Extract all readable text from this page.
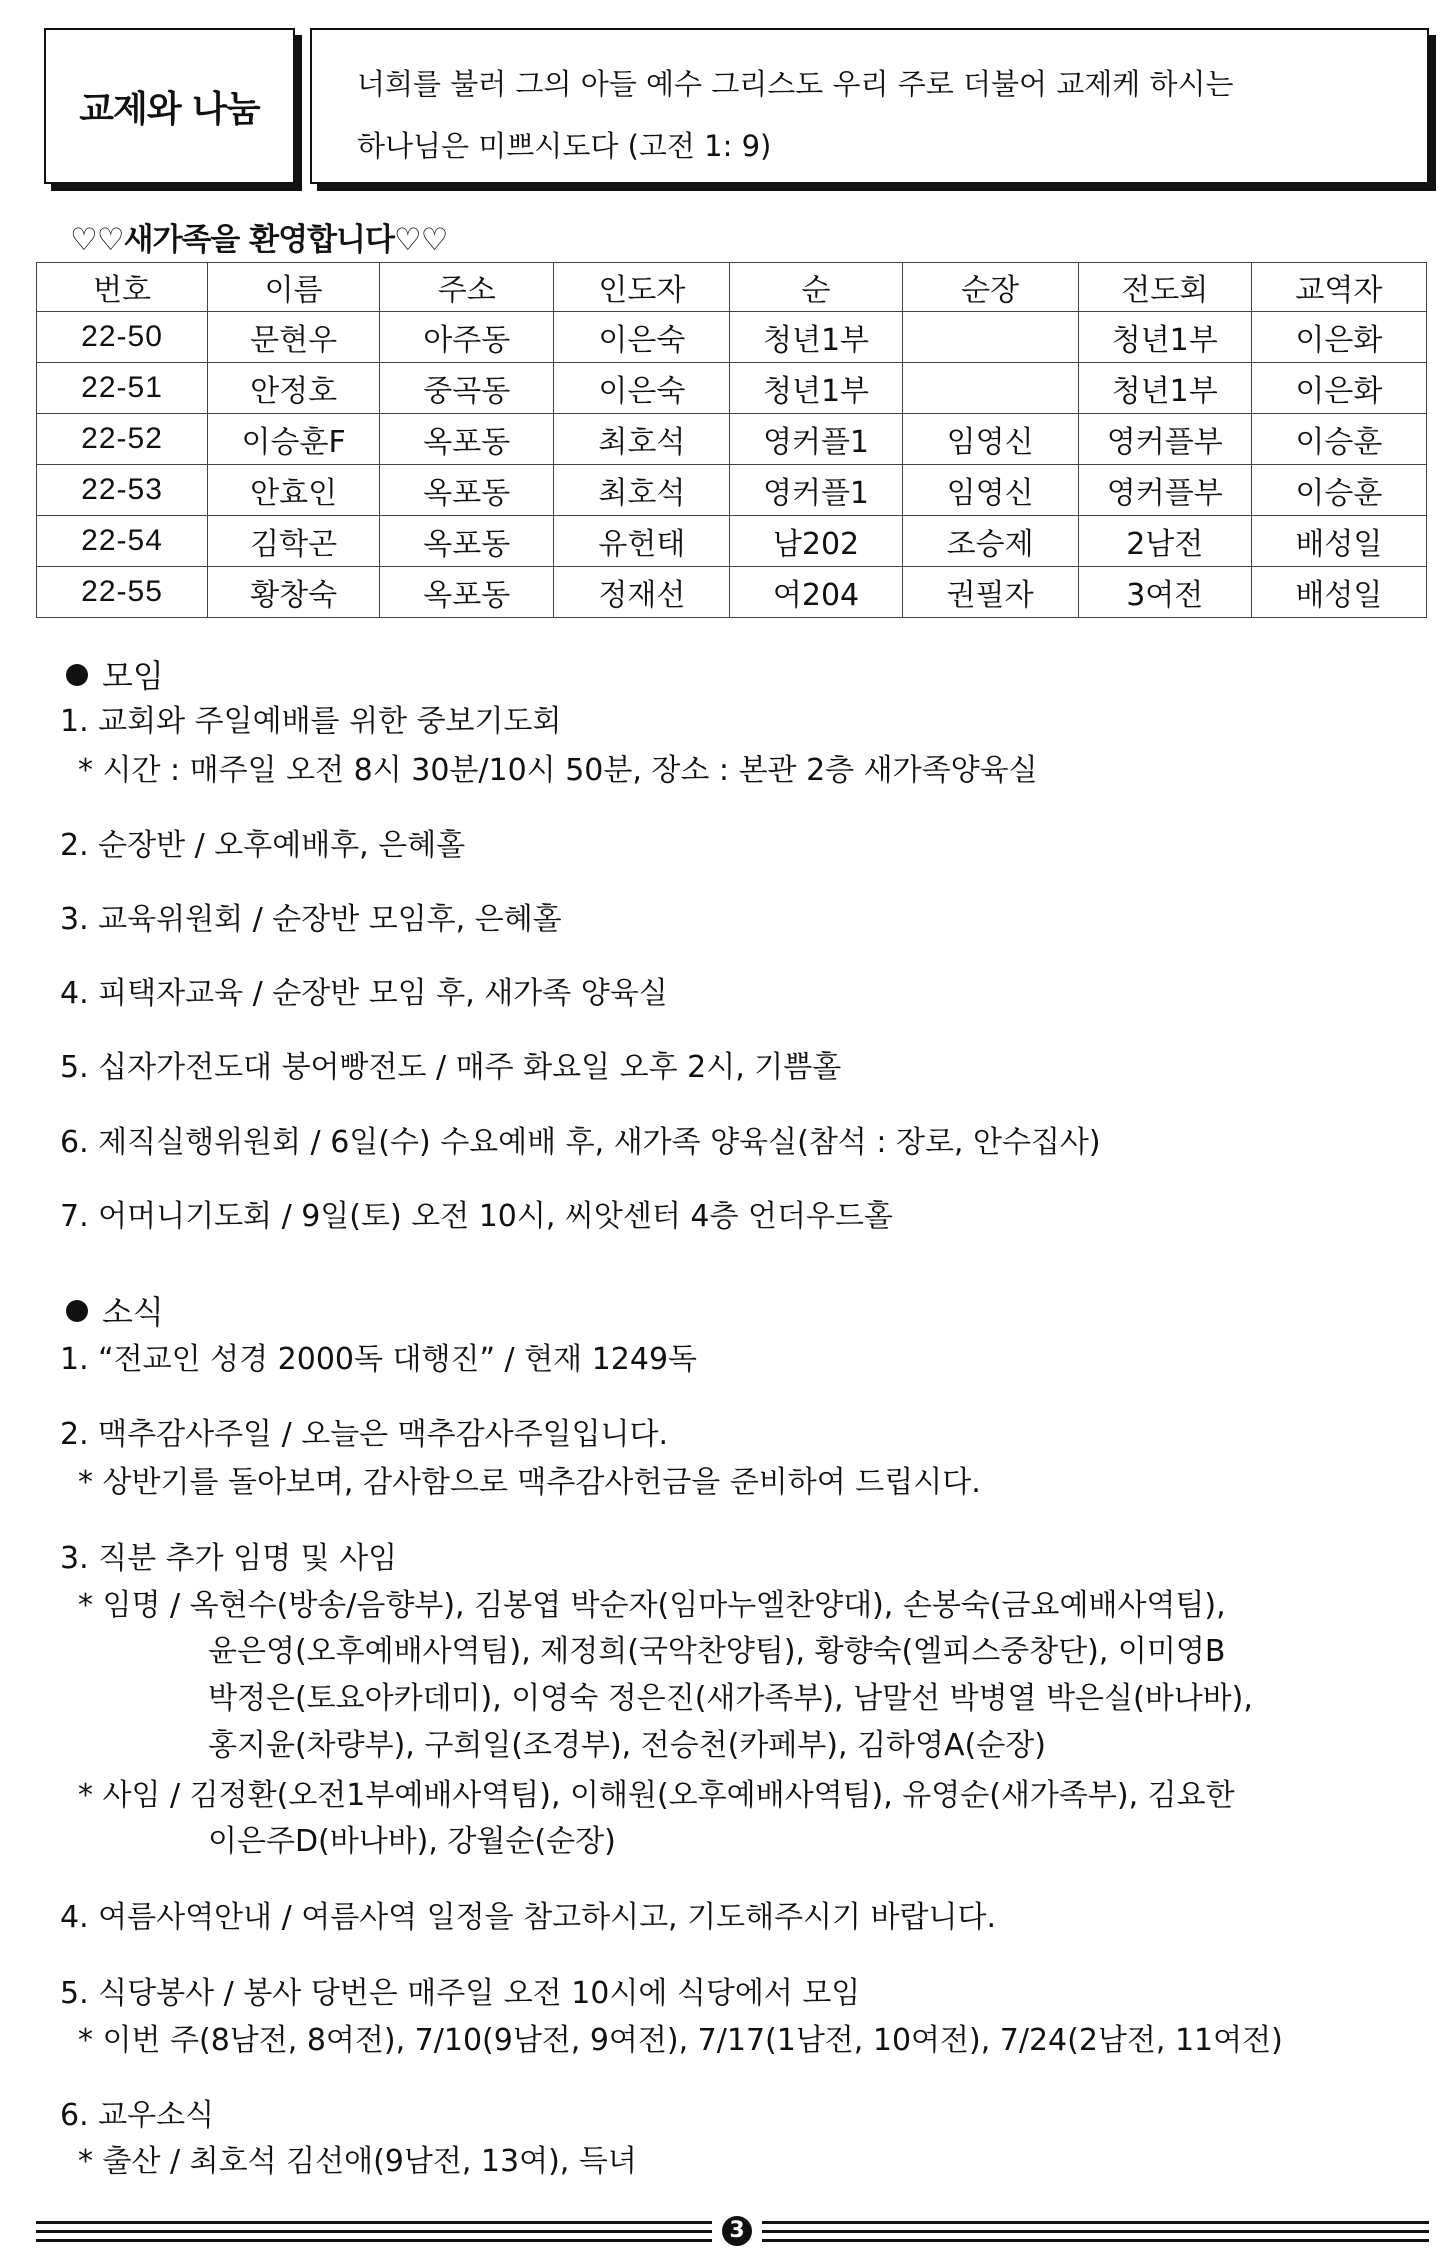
교제와 나눔
너희를 불러 그의 아들 예수 그리스도 우리 주로 더불어 교제케 하시는
하나님은 미쁘시도다 (고전 1: 9)
♡♡새가족을 환영합니다♡♡
번호	이름	주소	인도자	순	순장	전도회	교역자
22-50	문현우	아주동	이은숙	청년1부		청년1부	이은화
22-51	안정호	중곡동	이은숙	청년1부		청년1부	이은화
22-52	이승훈F	옥포동	최호석	영커플1	임영신	영커플부	이승훈
22-53	안효인	옥포동	최호석	영커플1	임영신	영커플부	이승훈
22-54	김학곤	옥포동	유헌태	남202	조승제	2남전	배성일
22-55	황창숙	옥포동	정재선	여204	권필자	3여전	배성일
모임
1. 교회와 주일예배를 위한 중보기도회
* 시간 : 매주일 오전 8시 30분/10시 50분, 장소 : 본관 2층 새가족양육실
2. 순장반 / 오후예배후, 은혜홀
3. 교육위원회 / 순장반 모임후, 은혜홀
4. 피택자교육 / 순장반 모임 후, 새가족 양육실
5. 십자가전도대 붕어빵전도 / 매주 화요일 오후 2시, 기쁨홀
6. 제직실행위원회 / 6일(수) 수요예배 후, 새가족 양육실(참석 : 장로, 안수집사)
7. 어머니기도회 / 9일(토) 오전 10시, 씨앗센터 4층 언더우드홀
소식
1. “전교인 성경 2000독 대행진” / 현재 1249독
2. 맥추감사주일 / 오늘은 맥추감사주일입니다.
* 상반기를 돌아보며, 감사함으로 맥추감사헌금을 준비하여 드립시다.
3. 직분 추가 임명 및 사임
* 임명 / 옥현수(방송/음향부), 김봉엽 박순자(임마누엘찬양대), 손봉숙(금요예배사역팀),
윤은영(오후예배사역팀), 제정희(국악찬양팀), 황향숙(엘피스중창단), 이미영B
박정은(토요아카데미), 이영숙 정은진(새가족부), 남말선 박병열 박은실(바나바),
홍지윤(차량부), 구희일(조경부), 전승천(카페부), 김하영A(순장)
* 사임 / 김정환(오전1부예배사역팀), 이해원(오후예배사역팀), 유영순(새가족부), 김요한
이은주D(바나바), 강월순(순장)
4. 여름사역안내 / 여름사역 일정을 참고하시고, 기도해주시기 바랍니다.
5. 식당봉사 / 봉사 당번은 매주일 오전 10시에 식당에서 모임
* 이번 주(8남전, 8여전), 7/10(9남전, 9여전), 7/17(1남전, 10여전), 7/24(2남전, 11여전)
6. 교우소식
* 출산 / 최호석 김선애(9남전, 13여), 득녀
3
